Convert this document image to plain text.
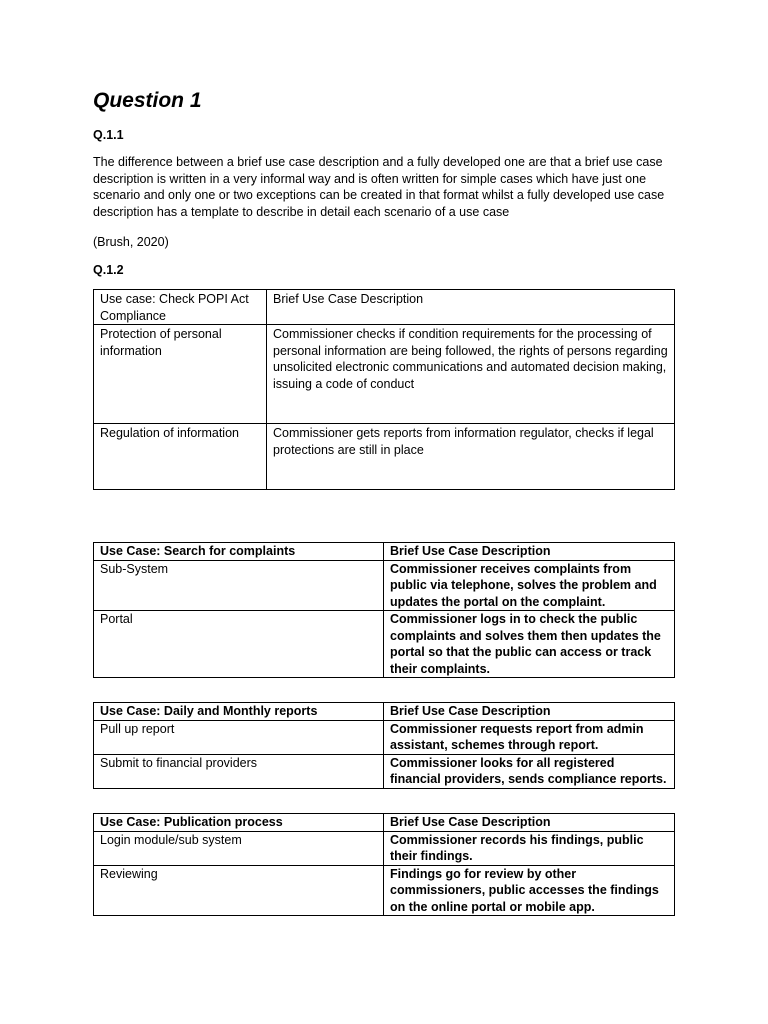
Question 1
Q.1.1
The difference between a brief use case description and a fully developed one are that a brief use case description is written in a very informal way and is often written for simple cases which have just one scenario and only one or two exceptions can be created in that format whilst a fully developed use case description has a template to describe in detail each scenario of a use case
(Brush, 2020)
Q.1.2
Use case: Check POPI Act Compliance	Brief Use Case Description
Protection of personal information	Commissioner checks if condition requirements for the processing of personal information are being followed, the rights of persons regarding unsolicited electronic communications and automated decision making, issuing a code of conduct
Regulation of information	Commissioner gets reports from information regulator, checks if legal protections are still in place
Use Case: Search for complaints	Brief Use Case Description
Sub-System	Commissioner receives complaints from public via telephone, solves the problem and updates the portal on the complaint.
Portal	Commissioner logs in to check the public complaints and solves them then updates the portal so that the public can access or track their complaints.
Use Case: Daily and Monthly reports	Brief Use Case Description
Pull up report	Commissioner requests report from admin assistant, schemes through report.
Submit to financial providers	Commissioner looks for all registered financial providers, sends compliance reports.
Use Case: Publication process	Brief Use Case Description
Login module/sub system	Commissioner records his findings, public their findings.
Reviewing	Findings go for review by other commissioners, public accesses the findings on the online portal or mobile app.
